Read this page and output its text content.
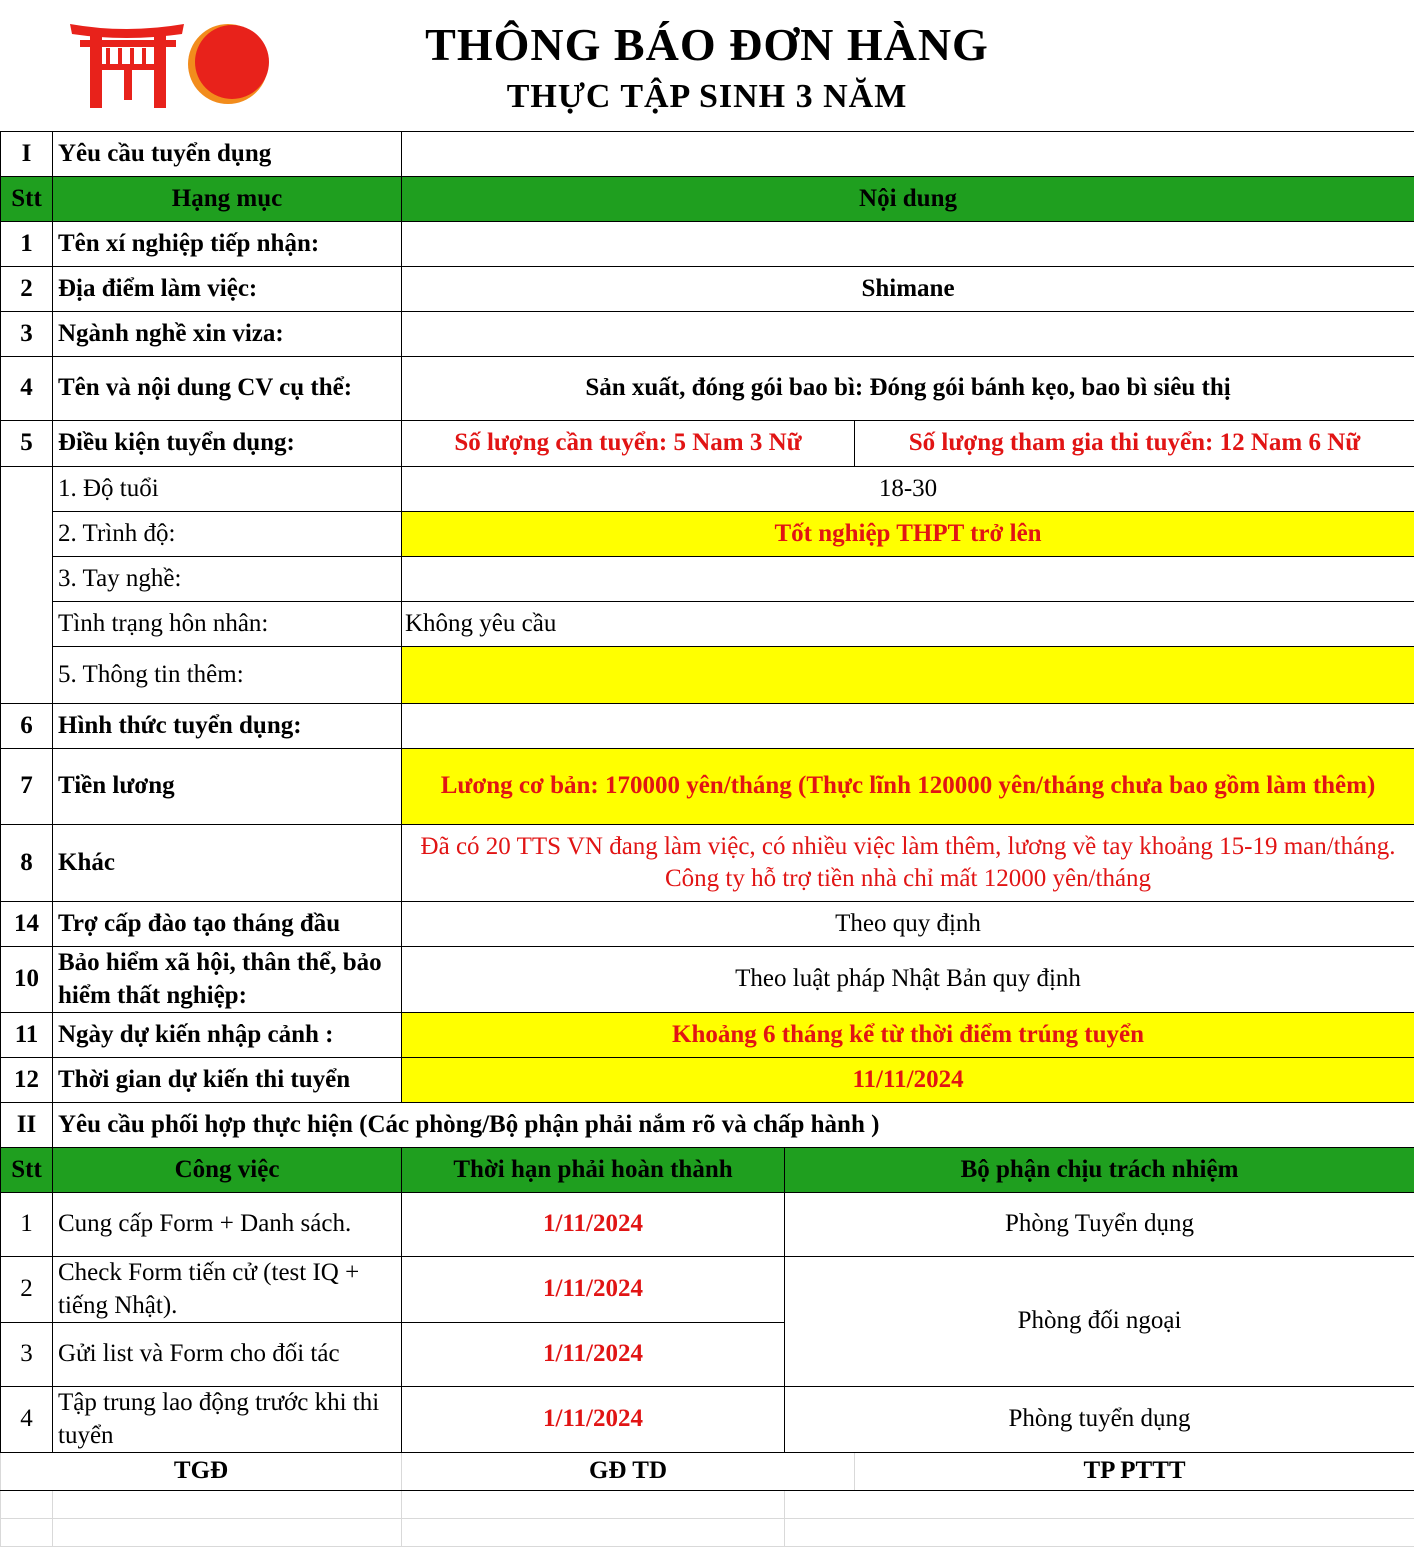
THÔNG BÁO ĐƠN HÀNG
THỰC TẬP SINH 3 NĂM
I	Yêu cầu tuyển dụng			
Stt	Hạng mục	Nội dung		
1	Tên xí nghiệp tiếp nhận:			
2	Địa điểm làm việc:	Shimane		
3	Ngành nghề xin viza:			
4	Tên và nội dung CV cụ thể:	Sản xuất, đóng gói bao bì: Đóng gói bánh kẹo, bao bì siêu thị		
5	Điều kiện tuyển dụng:	Số lượng cần tuyển: 5 Nam 3 Nữ		Số lượng tham gia thi tuyển: 12 Nam 6 Nữ
	1. Độ tuổi	18-30		
	2. Trình độ:	Tốt nghiệp THPT trở lên		
	3. Tay nghề:			
	Tình trạng hôn nhân:	Không yêu cầu		
	5. Thông tin thêm:			
6	Hình thức tuyển dụng:			
7	Tiền lương	Lương cơ bản: 170000 yên/tháng (Thực lĩnh 120000 yên/tháng chưa bao gồm làm thêm)		
8	Khác	Đã có 20 TTS VN đang làm việc, có nhiều việc làm thêm, lương về tay khoảng 15-19 man/tháng. Công ty hỗ trợ tiền nhà chỉ mất 12000 yên/tháng		
14	Trợ cấp đào tạo tháng đầu	Theo quy định		
10	Bảo hiểm xã hội, thân thể, bảo hiểm thất nghiệp:	Theo luật pháp Nhật Bản quy định		
11	Ngày dự kiến nhập cảnh :	Khoảng 6 tháng kể từ thời điểm trúng tuyển		
12	Thời gian dự kiến thi tuyển	11/11/2024		
II	Yêu cầu phối hợp thực hiện (Các phòng/Bộ phận phải nắm rõ và chấp hành )			
Stt	Công việc	Thời hạn phải hoàn thành	Bộ phận chịu trách nhiệm	
1	Cung cấp Form + Danh sách.	1/11/2024	Phòng Tuyển dụng	
2	Check Form tiến cử (test IQ + tiếng Nhật).	1/11/2024	Phòng đối ngoại	
3	Gửi list và Form cho đối tác	1/11/2024		
4	Tập trung lao động trước khi thi tuyển	1/11/2024	Phòng tuyển dụng	
TGĐ		GĐ TD		TP PTTT
